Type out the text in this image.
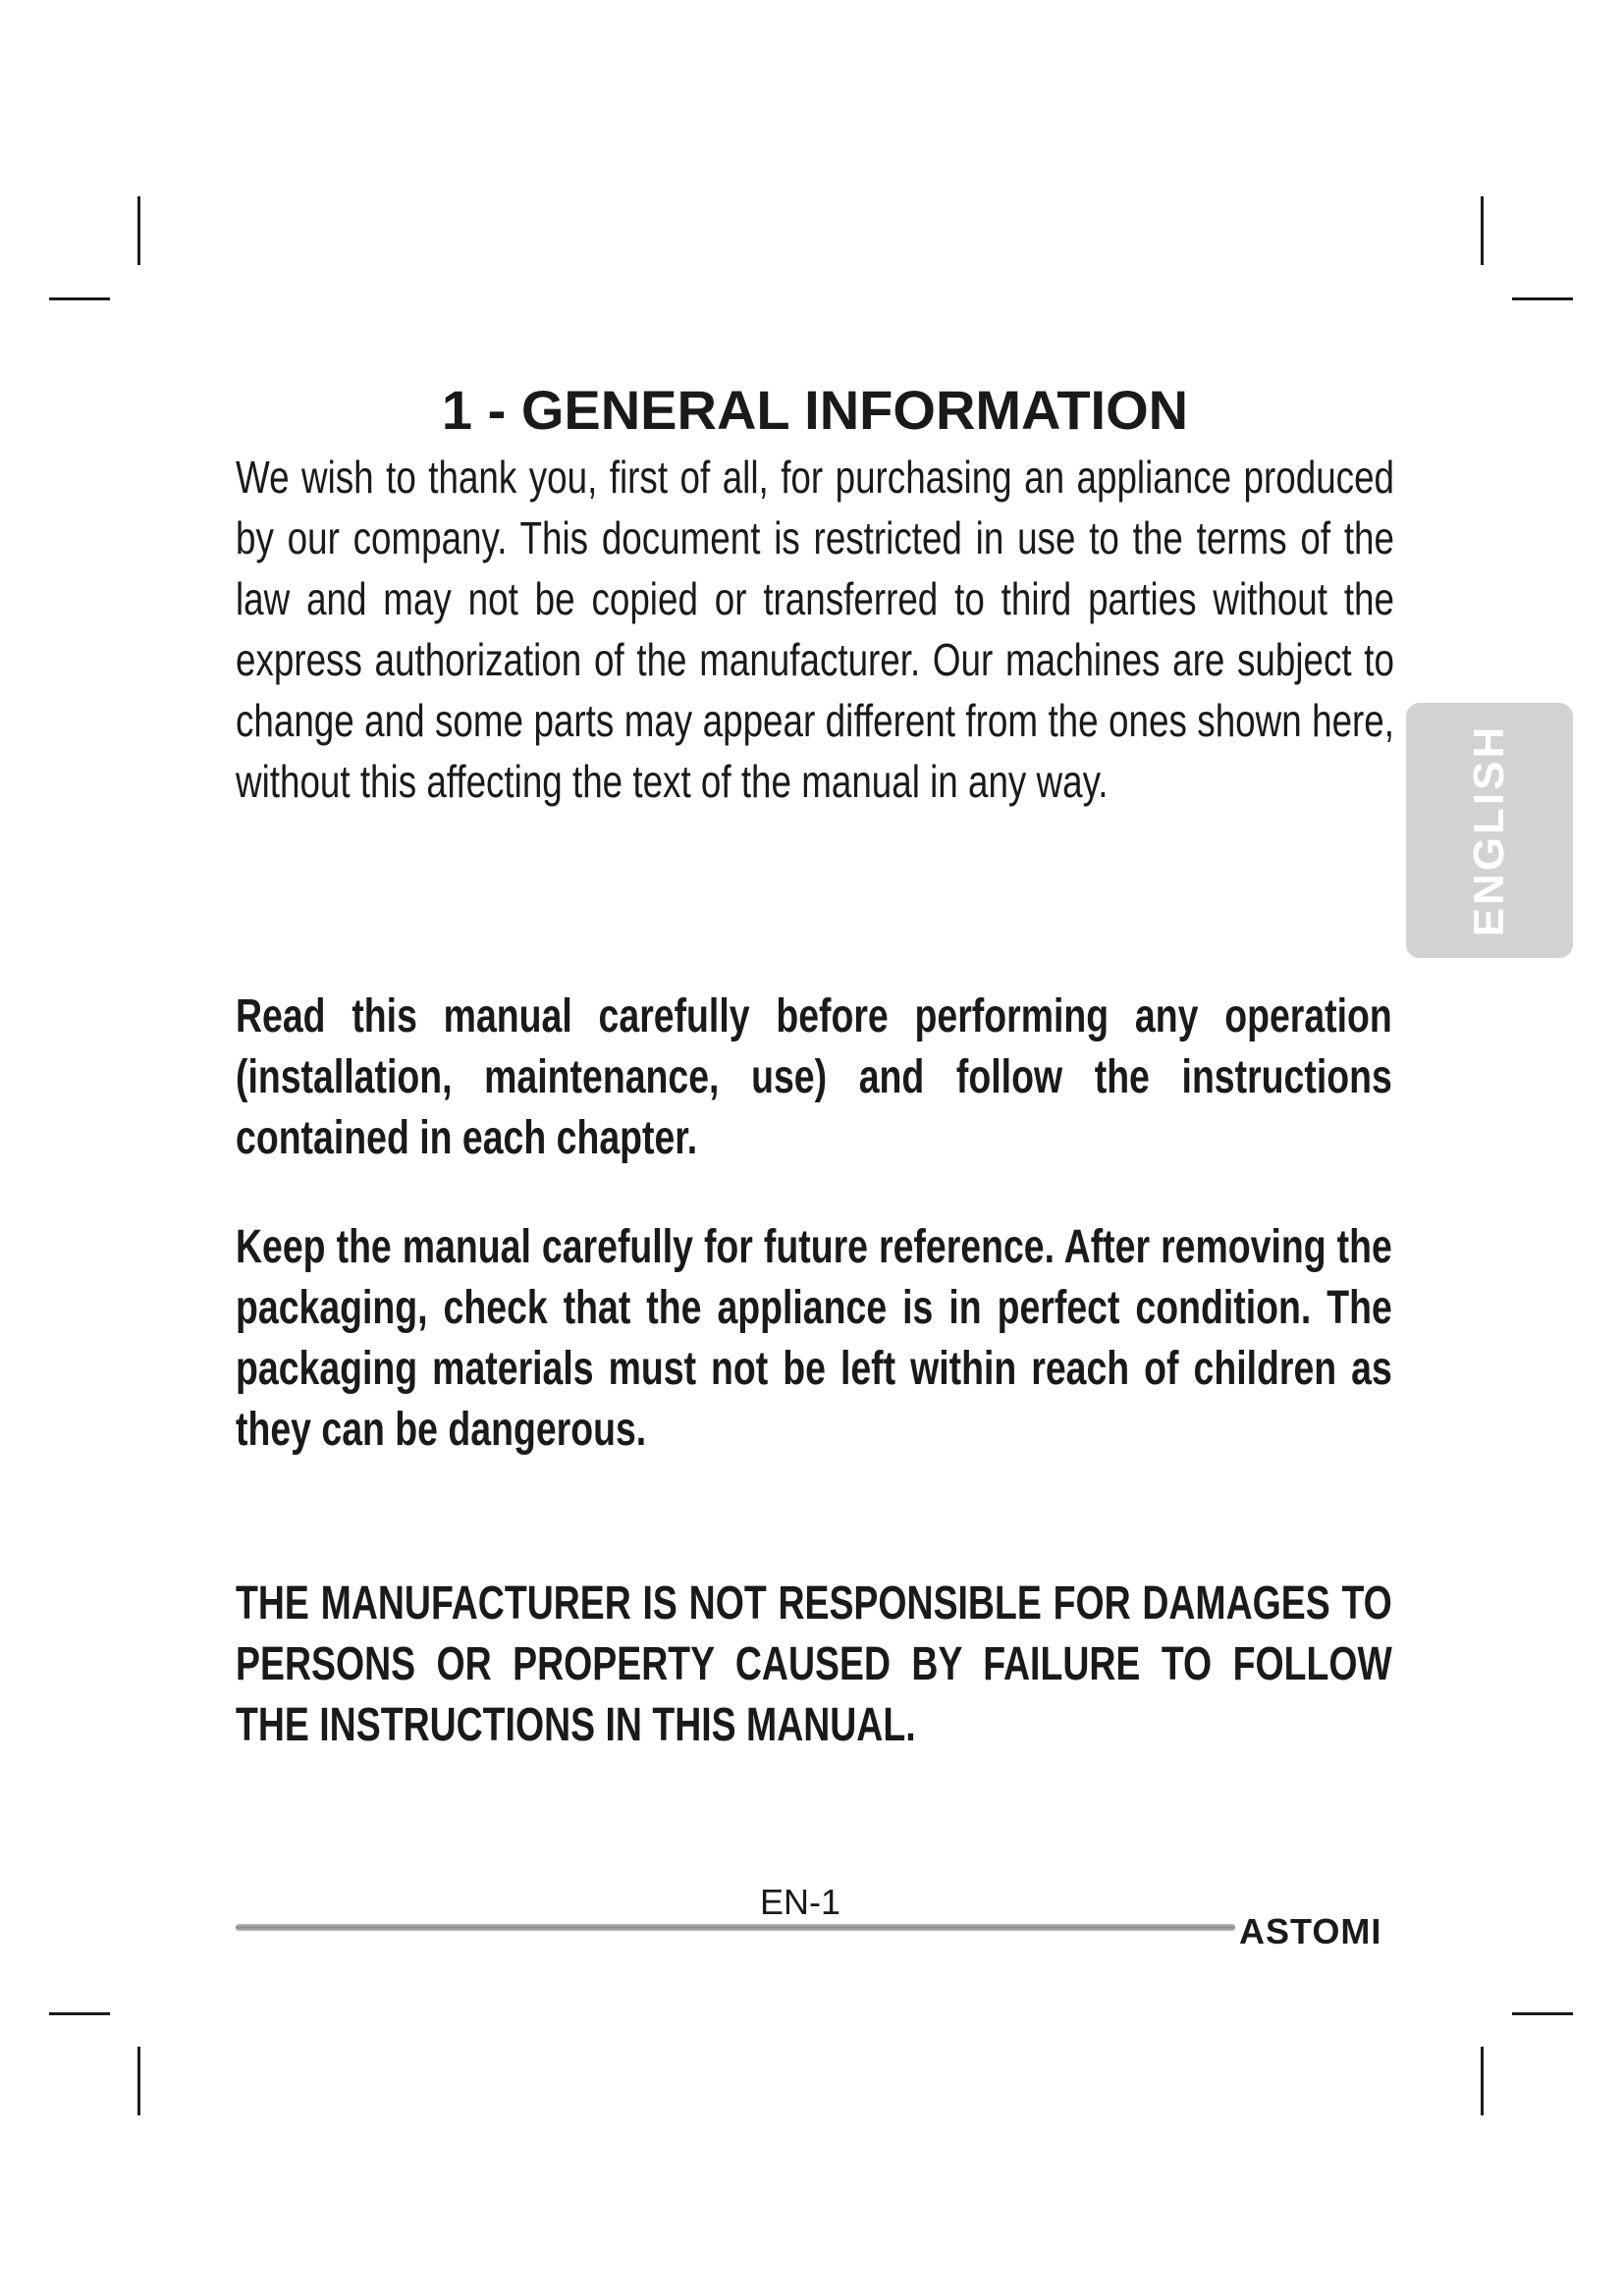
1 - GENERAL INFORMATION

We wish to thank you, first of all, for purchasing an appliance produced by our company. This document is restricted in use to the terms of the law and may not be copied or transferred to third parties without the express authorization of the manufacturer. Our machines are subject to change and some parts may appear different from the ones shown here, without this affecting the text of the manual in any way.	ENGLISH

Read this manual carefully before performing any operation (installation, maintenance, use) and follow the instructions contained in each chapter.

Keep the manual carefully for future reference. After removing the packaging, check that the appliance is in perfect condition. The packaging materials must not be left within reach of children as they can be dangerous.

THE MANUFACTURER IS NOT RESPONSIBLE FOR DAMAGES TO PERSONS OR PROPERTY CAUSED BY FAILURE TO FOLLOW THE INSTRUCTIONS IN THIS MANUAL.

EN-1
ASTOMI
